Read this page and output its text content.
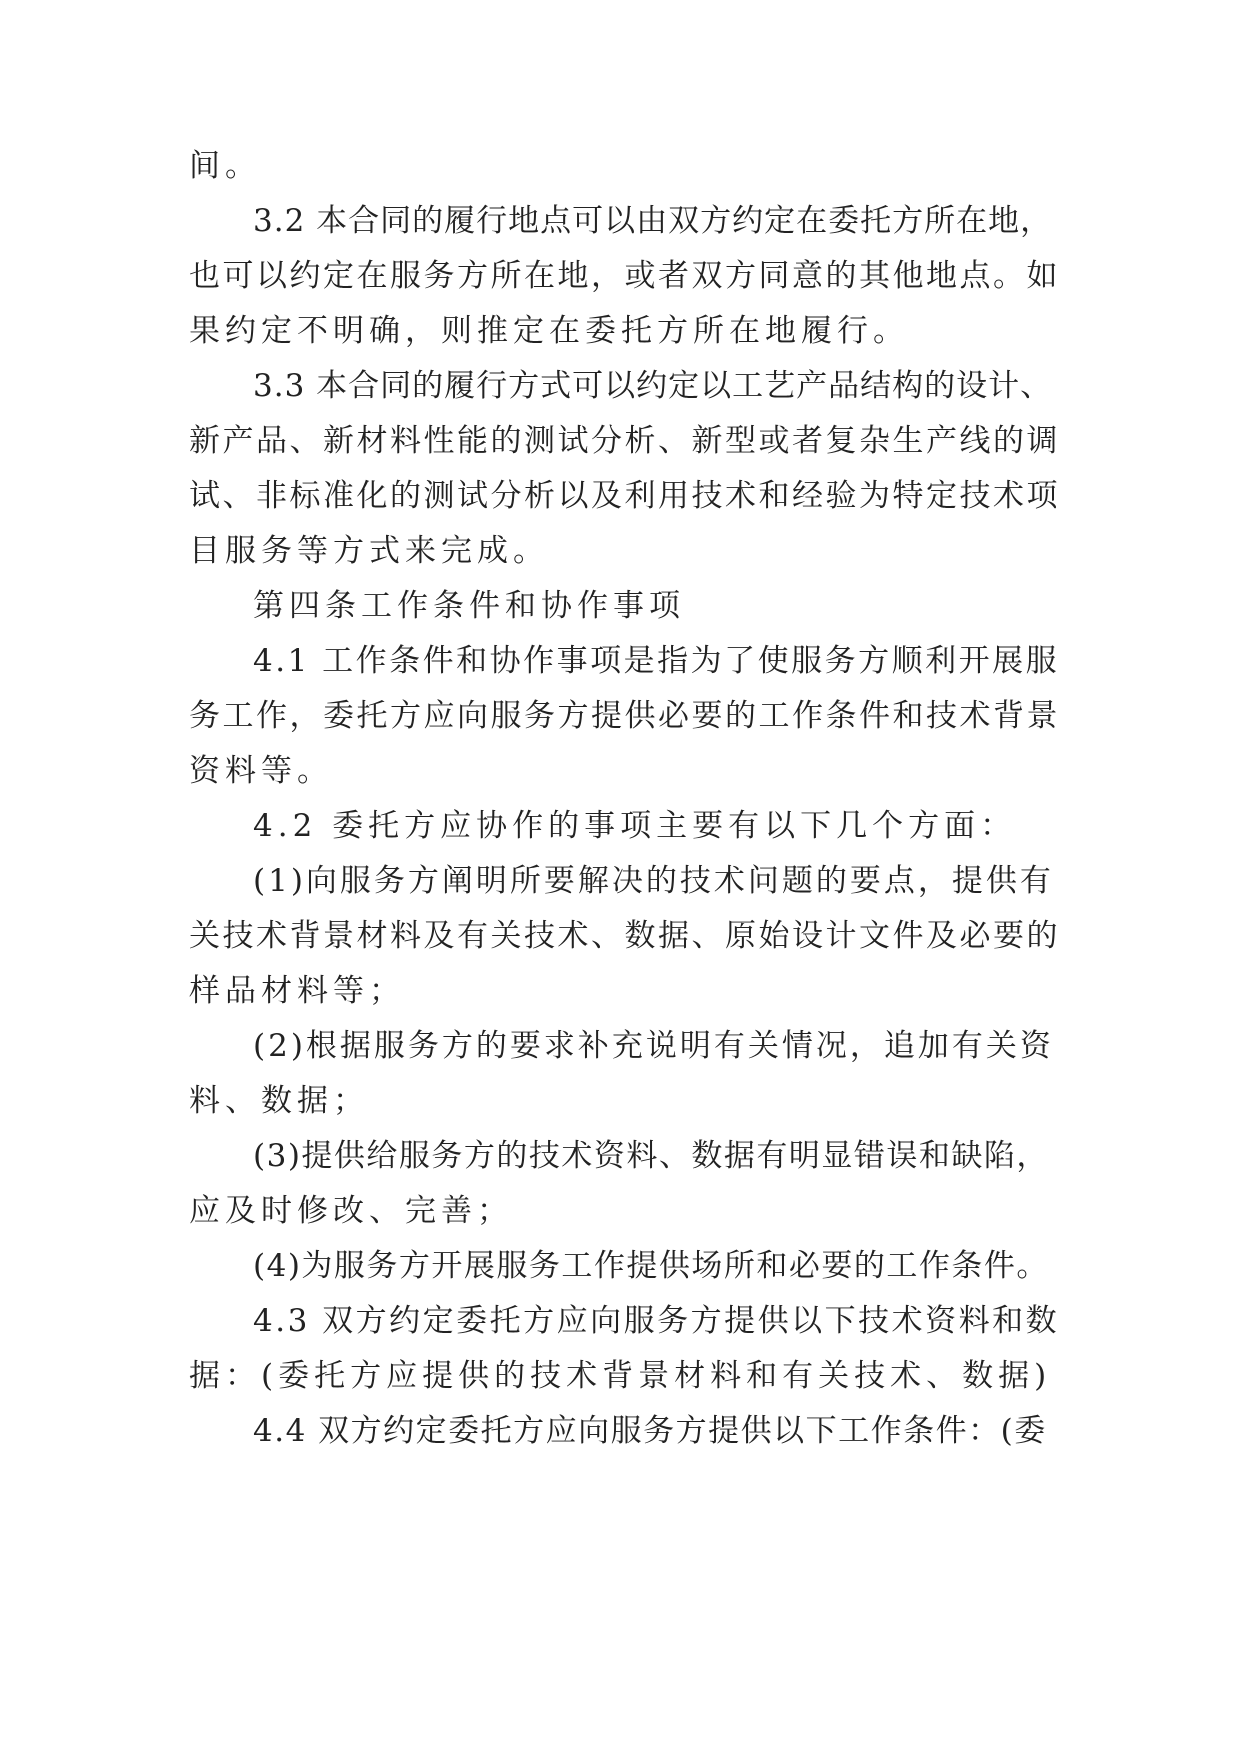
间。
3.2 本合同的履行地点可以由双方约定在委托方所在地，
也可以约定在服务方所在地，或者双方同意的其他地点。如
果约定不明确，则推定在委托方所在地履行。
3.3 本合同的履行方式可以约定以工艺产品结构的设计、
新产品、新材料性能的测试分析、新型或者复杂生产线的调
试、非标准化的测试分析以及利用技术和经验为特定技术项
目服务等方式来完成。
第四条工作条件和协作事项
4.1 工作条件和协作事项是指为了使服务方顺利开展服
务工作，委托方应向服务方提供必要的工作条件和技术背景
资料等。
4.2 委托方应协作的事项主要有以下几个方面：
(1)向服务方阐明所要解决的技术问题的要点，提供有
关技术背景材料及有关技术、数据、原始设计文件及必要的
样品材料等；
(2)根据服务方的要求补充说明有关情况，追加有关资
料、数据；
(3)提供给服务方的技术资料、数据有明显错误和缺陷，
应及时修改、完善；
(4)为服务方开展服务工作提供场所和必要的工作条件。
4.3 双方约定委托方应向服务方提供以下技术资料和数
据：(委托方应提供的技术背景材料和有关技术、数据)
4.4 双方约定委托方应向服务方提供以下工作条件：(委
